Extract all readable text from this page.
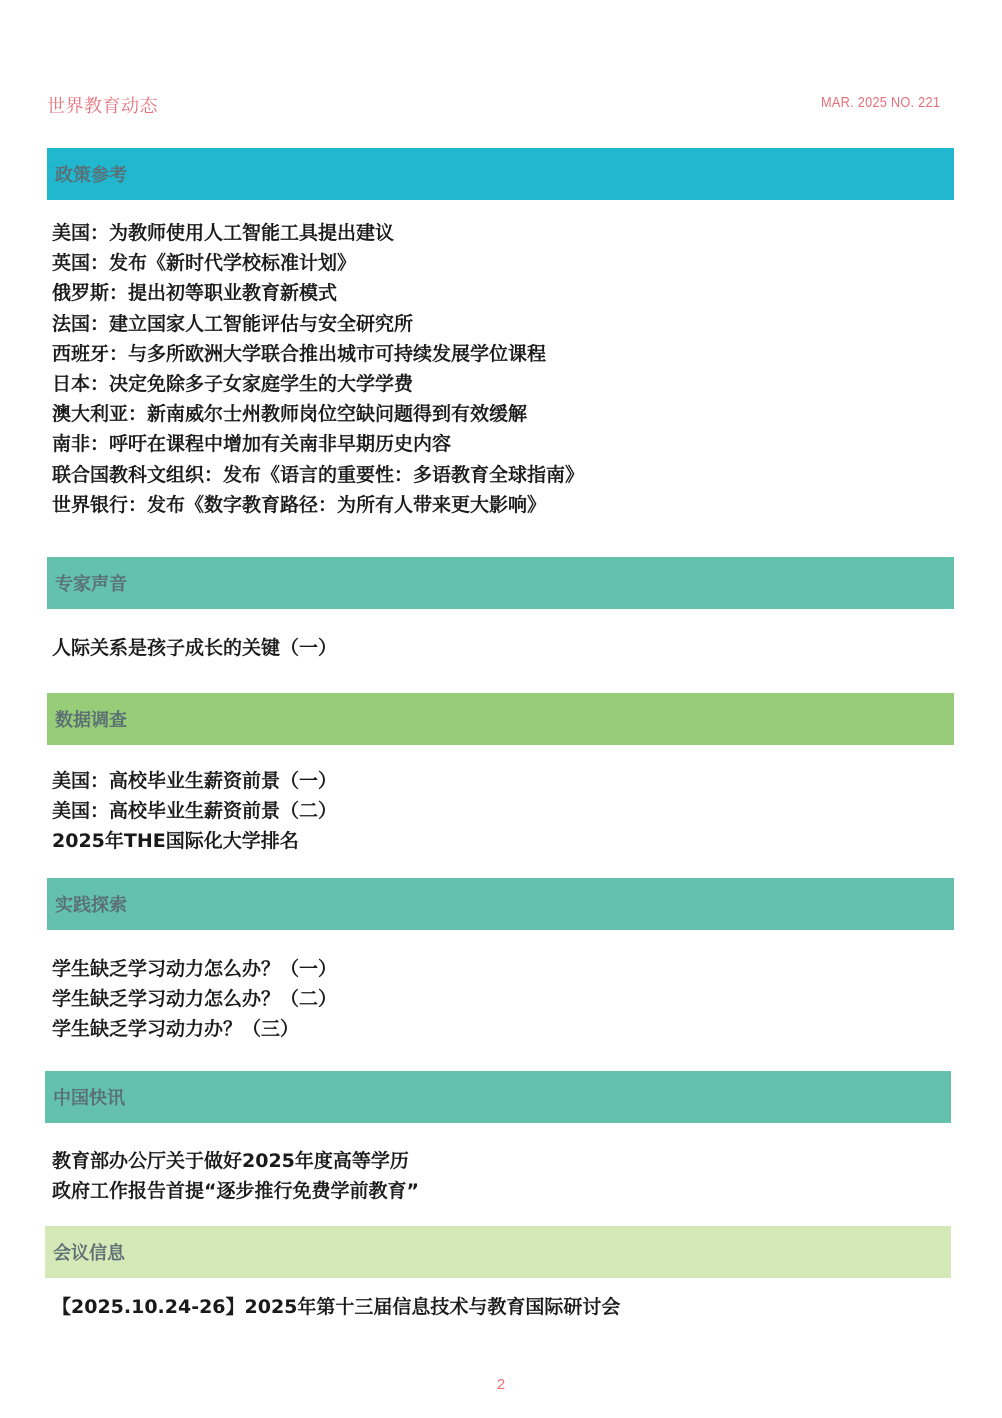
世界教育动态	MAR. 2025 NO. 221
政策参考
美国：为教师使用人工智能工具提出建议
英国：发布《新时代学校标准计划》
俄罗斯：提出初等职业教育新模式
法国：建立国家人工智能评估与安全研究所
西班牙：与多所欧洲大学联合推出城市可持续发展学位课程
日本：决定免除多子女家庭学生的大学学费
澳大利亚：新南威尔士州教师岗位空缺问题得到有效缓解
南非：呼吁在课程中增加有关南非早期历史内容
联合国教科文组织：发布《语言的重要性：多语教育全球指南》
世界银行：发布《数字教育路径：为所有人带来更大影响》
专家声音
人际关系是孩子成长的关键（一）
数据调查
美国：高校毕业生薪资前景（一）
美国：高校毕业生薪资前景（二）
2025年THE国际化大学排名
实践探索
学生缺乏学习动力怎么办？（一）
学生缺乏学习动力怎么办？（二）
学生缺乏学习动力办？（三）
中国快讯
教育部办公厅关于做好2025年度高等学历
政府工作报告首提“逐步推行免费学前教育”
会议信息
【2025.10.24-26】2025年第十三届信息技术与教育国际研讨会
2
